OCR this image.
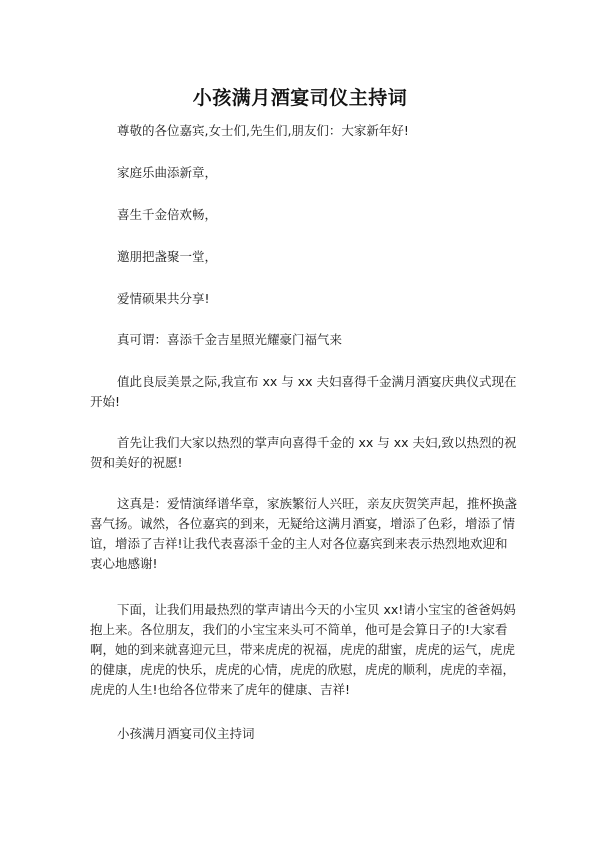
小孩满月酒宴司仪主持词
尊敬的各位嘉宾,女士们,先生们,朋友们：大家新年好!
家庭乐曲添新章，
喜生千金倍欢畅，
邀朋把盏聚一堂，
爱情硕果共分享!
真可谓：喜添千金吉星照光耀豪门福气来
值此良辰美景之际,我宣布 xx 与 xx 夫妇喜得千金满月酒宴庆典仪式现在开始!
首先让我们大家以热烈的掌声向喜得千金的 xx 与 xx 夫妇,致以热烈的祝贺和美好的祝愿!
这真是：爱情演绎谱华章，家族繁衍人兴旺，亲友庆贺笑声起，推杯换盏喜气扬。诚然，各位嘉宾的到来，无疑给这满月酒宴，增添了色彩，增添了情谊，增添了吉祥!让我代表喜添千金的主人对各位嘉宾到来表示热烈地欢迎和衷心地感谢!
下面，让我们用最热烈的掌声请出今天的小宝贝 xx!请小宝宝的爸爸妈妈抱上来。各位朋友，我们的小宝宝来头可不简单，他可是会算日子的!大家看啊，她的到来就喜迎元旦，带来虎虎的祝福，虎虎的甜蜜，虎虎的运气，虎虎的健康，虎虎的快乐，虎虎的心情，虎虎的欣慰，虎虎的顺利，虎虎的幸福，虎虎的人生!也给各位带来了虎年的健康、吉祥!
小孩满月酒宴司仪主持词
